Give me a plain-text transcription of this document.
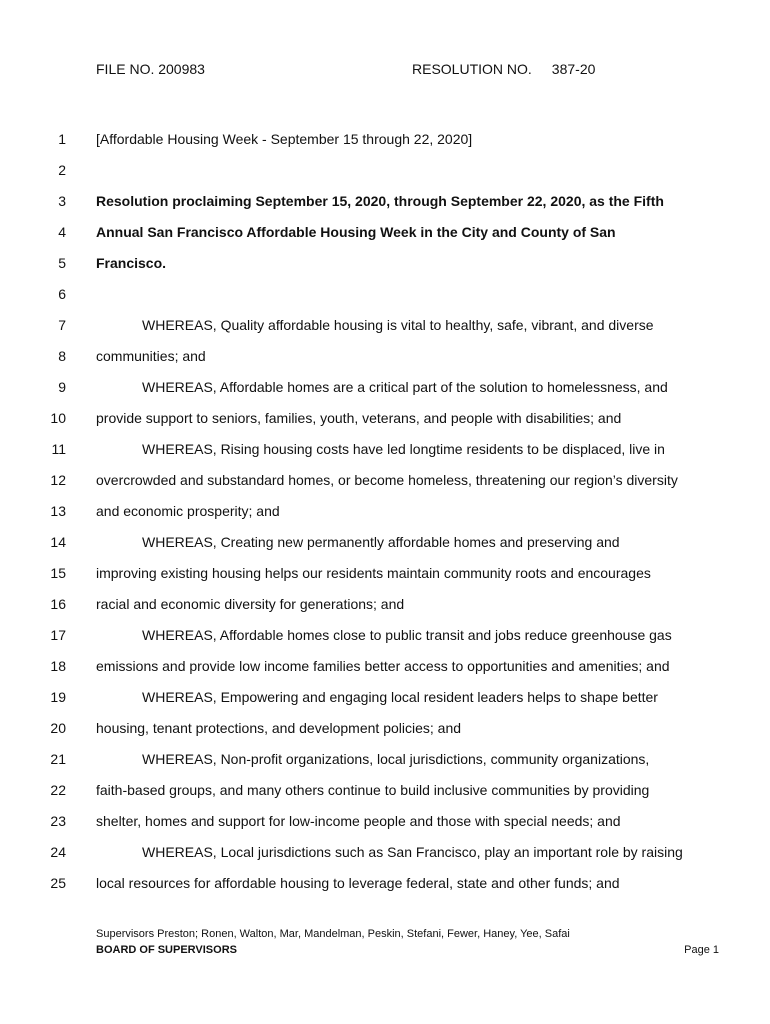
FILE NO. 200983	RESOLUTION NO. 387-20
1 [Affordable Housing Week - September 15 through 22, 2020]
2
3 Resolution proclaiming September 15, 2020, through September 22, 2020, as the Fifth
4 Annual San Francisco Affordable Housing Week in the City and County of San
5 Francisco.
6
7	WHEREAS, Quality affordable housing is vital to healthy, safe, vibrant, and diverse
8 communities; and
9	WHEREAS, Affordable homes are a critical part of the solution to homelessness, and
10 provide support to seniors, families, youth, veterans, and people with disabilities; and
11	WHEREAS, Rising housing costs have led longtime residents to be displaced, live in
12 overcrowded and substandard homes, or become homeless, threatening our region’s diversity
13 and economic prosperity; and
14	WHEREAS, Creating new permanently affordable homes and preserving and
15 improving existing housing helps our residents maintain community roots and encourages
16 racial and economic diversity for generations; and
17	WHEREAS, Affordable homes close to public transit and jobs reduce greenhouse gas
18 emissions and provide low income families better access to opportunities and amenities; and
19	WHEREAS, Empowering and engaging local resident leaders helps to shape better
20 housing, tenant protections, and development policies; and
21	WHEREAS, Non-profit organizations, local jurisdictions, community organizations,
22 faith-based groups, and many others continue to build inclusive communities by providing
23 shelter, homes and support for low-income people and those with special needs; and
24	WHEREAS, Local jurisdictions such as San Francisco, play an important role by raising
25 local resources for affordable housing to leverage federal, state and other funds; and
Supervisors Preston; Ronen, Walton, Mar, Mandelman, Peskin, Stefani, Fewer, Haney, Yee, Safai
BOARD OF SUPERVISORS	Page 1
